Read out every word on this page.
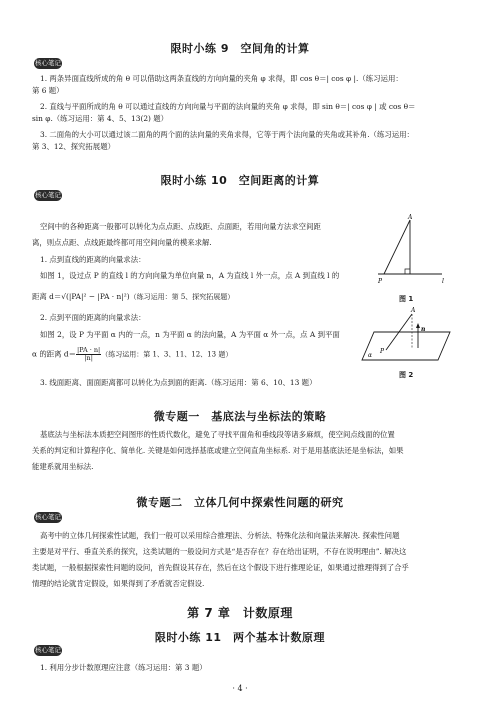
限时小练 9　空间角的计算
核心笔记
1. 两条异面直线所成的角 θ 可以借助这两条直线的方向向量的夹角 φ 求得，即 cos θ＝| cos φ |.（练习运用：
第 6 题）
2. 直线与平面所成的角 θ 可以通过直线的方向向量与平面的法向量的夹角 φ 求得，即 sin θ＝| cos φ | 或 cos θ＝
sin φ.（练习运用：第 4、5、13(2) 题）
3. 二面角的大小可以通过该二面角的两个面的法向量的夹角求得，它等于两个法向量的夹角或其补角.（练习运用：
第 3、12、探究拓展题）
限时小练 10　空间距离的计算
核心笔记
空间中的各种距离一般都可以转化为点点距、点线距、点面距，若用向量方法求空间距
离，则点点距、点线距最终都可用空间向量的模来求解.
1. 点到直线的距离的向量求法：
如图 1，设过点 P 的直线 l 的方向向量为单位向量 n，A 为直线 l 外一点，点 A 到直线 l 的
距离 d＝√(|PA|² − |PA · n|²)（练习运用：第 5、探究拓展题）
2. 点到平面的距离的向量求法：
如图 2，设 P 为平面 α 内的一点，n 为平面 α 的法向量，A 为平面 α 外一点，点 A 到平面
α 的距离 $d= \frac{|PA \cdot n|}{|n|}$ （练习运用：第 1、3、11、12、13 题）
3. 线面距离、面面距离都可以转化为点到面的距离.（练习运用：第 6、10、13 题）
A
P	l
图 1
A
P
n
α
图 2
微专题一　基底法与坐标法的策略
基底法与坐标法本质把空间图形的性质代数化，避免了寻找平面角和垂线段等诸多麻烦，使空间点线面的位置
关系的判定和计算程序化、简单化. 关键是如何选择基底或建立空间直角坐标系. 对于是用基底法还是坐标法，如果
能建系就用坐标法.
微专题二　立体几何中探索性问题的研究
核心笔记
高考中的立体几何探索性试题，我们一般可以采用综合推理法、分析法、特殊化法和向量法来解决. 探索性问题
主要是对平行、垂直关系的探究，这类试题的一般设问方式是“是否存在？存在给出证明，不存在说明理由”. 解决这
类试题，一般根据探索性问题的设问，首先假设其存在，然后在这个假设下进行推理论证，如果通过推理得到了合乎
情理的结论就肯定假设，如果得到了矛盾就否定假设.
第 7 章　计数原理
限时小练 11　两个基本计数原理
核心笔记
1. 利用分步计数原理应注意（练习运用：第 3 题）
· 4 ·
